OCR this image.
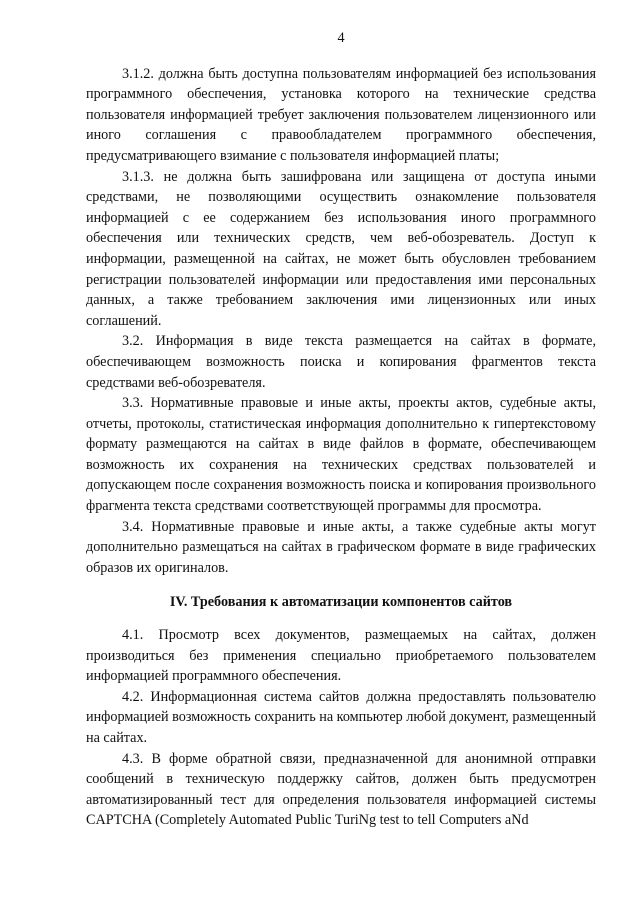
4

3.1.2. должна быть доступна пользователям информацией без использования программного обеспечения, установка которого на технические средства пользователя информацией требует заключения пользователем лицензионного или иного соглашения с правообладателем программного обеспечения, предусматривающего взимание с пользователя информацией платы;

3.1.3. не должна быть зашифрована или защищена от доступа иными средствами, не позволяющими осуществить ознакомление пользователя информацией с ее содержанием без использования иного программного обеспечения или технических средств, чем веб-обозреватель. Доступ к информации, размещенной на сайтах, не может быть обусловлен требованием регистрации пользователей информации или предоставления ими персональных данных, а также требованием заключения ими лицензионных или иных соглашений.

3.2. Информация в виде текста размещается на сайтах в формате, обеспечивающем возможность поиска и копирования фрагментов текста средствами веб-обозревателя.

3.3. Нормативные правовые и иные акты, проекты актов, судебные акты, отчеты, протоколы, статистическая информация дополнительно к гипертекстовому формату размещаются на сайтах в виде файлов в формате, обеспечивающем возможность их сохранения на технических средствах пользователей и допускающем после сохранения возможность поиска и копирования произвольного фрагмента текста средствами соответствующей программы для просмотра.

3.4. Нормативные правовые и иные акты, а также судебные акты могут дополнительно размещаться на сайтах в графическом формате в виде графических образов их оригиналов.

IV. Требования к автоматизации компонентов сайтов

4.1. Просмотр всех документов, размещаемых на сайтах, должен производиться без применения специально приобретаемого пользователем информацией программного обеспечения.

4.2. Информационная система сайтов должна предоставлять пользователю информацией возможность сохранить на компьютер любой документ, размещенный на сайтах.

4.3. В форме обратной связи, предназначенной для анонимной отправки сообщений в техническую поддержку сайтов, должен быть предусмотрен автоматизированный тест для определения пользователя информацией системы CAPTCHA (Completely Automated Public TuriNg test to tell Computers aNd
